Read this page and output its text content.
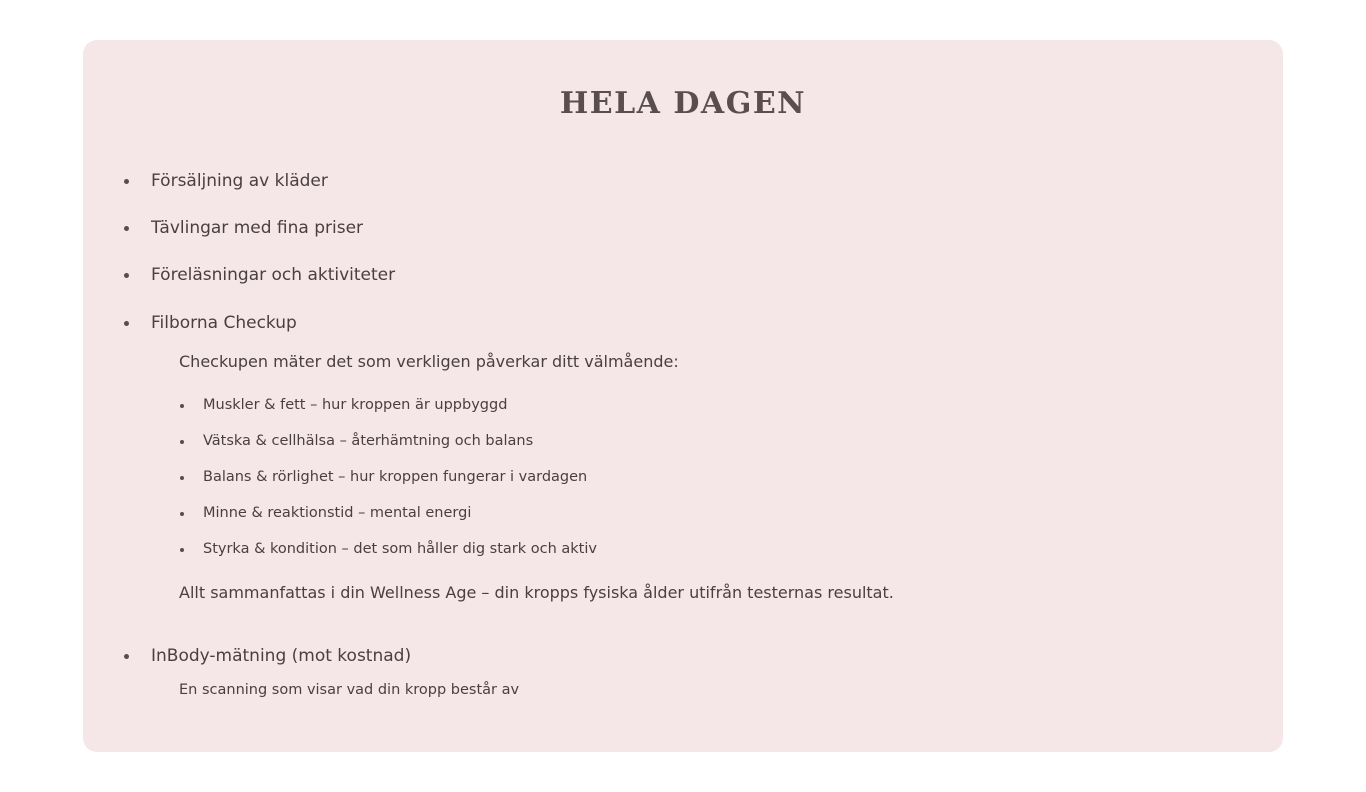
HELA DAGEN
Försäljning av kläder
Tävlingar med fina priser
Föreläsningar och aktiviteter
Filborna Checkup
Checkupen mäter det som verkligen påverkar ditt välmående:
Muskler & fett – hur kroppen är uppbyggd
Vätska & cellhälsa – återhämtning och balans
Balans & rörlighet – hur kroppen fungerar i vardagen
Minne & reaktionstid – mental energi
Styrka & kondition – det som håller dig stark och aktiv
Allt sammanfattas i din Wellness Age – din kropps fysiska ålder utifrån testernas resultat.
InBody-mätning (mot kostnad)
En scanning som visar vad din kropp består av
